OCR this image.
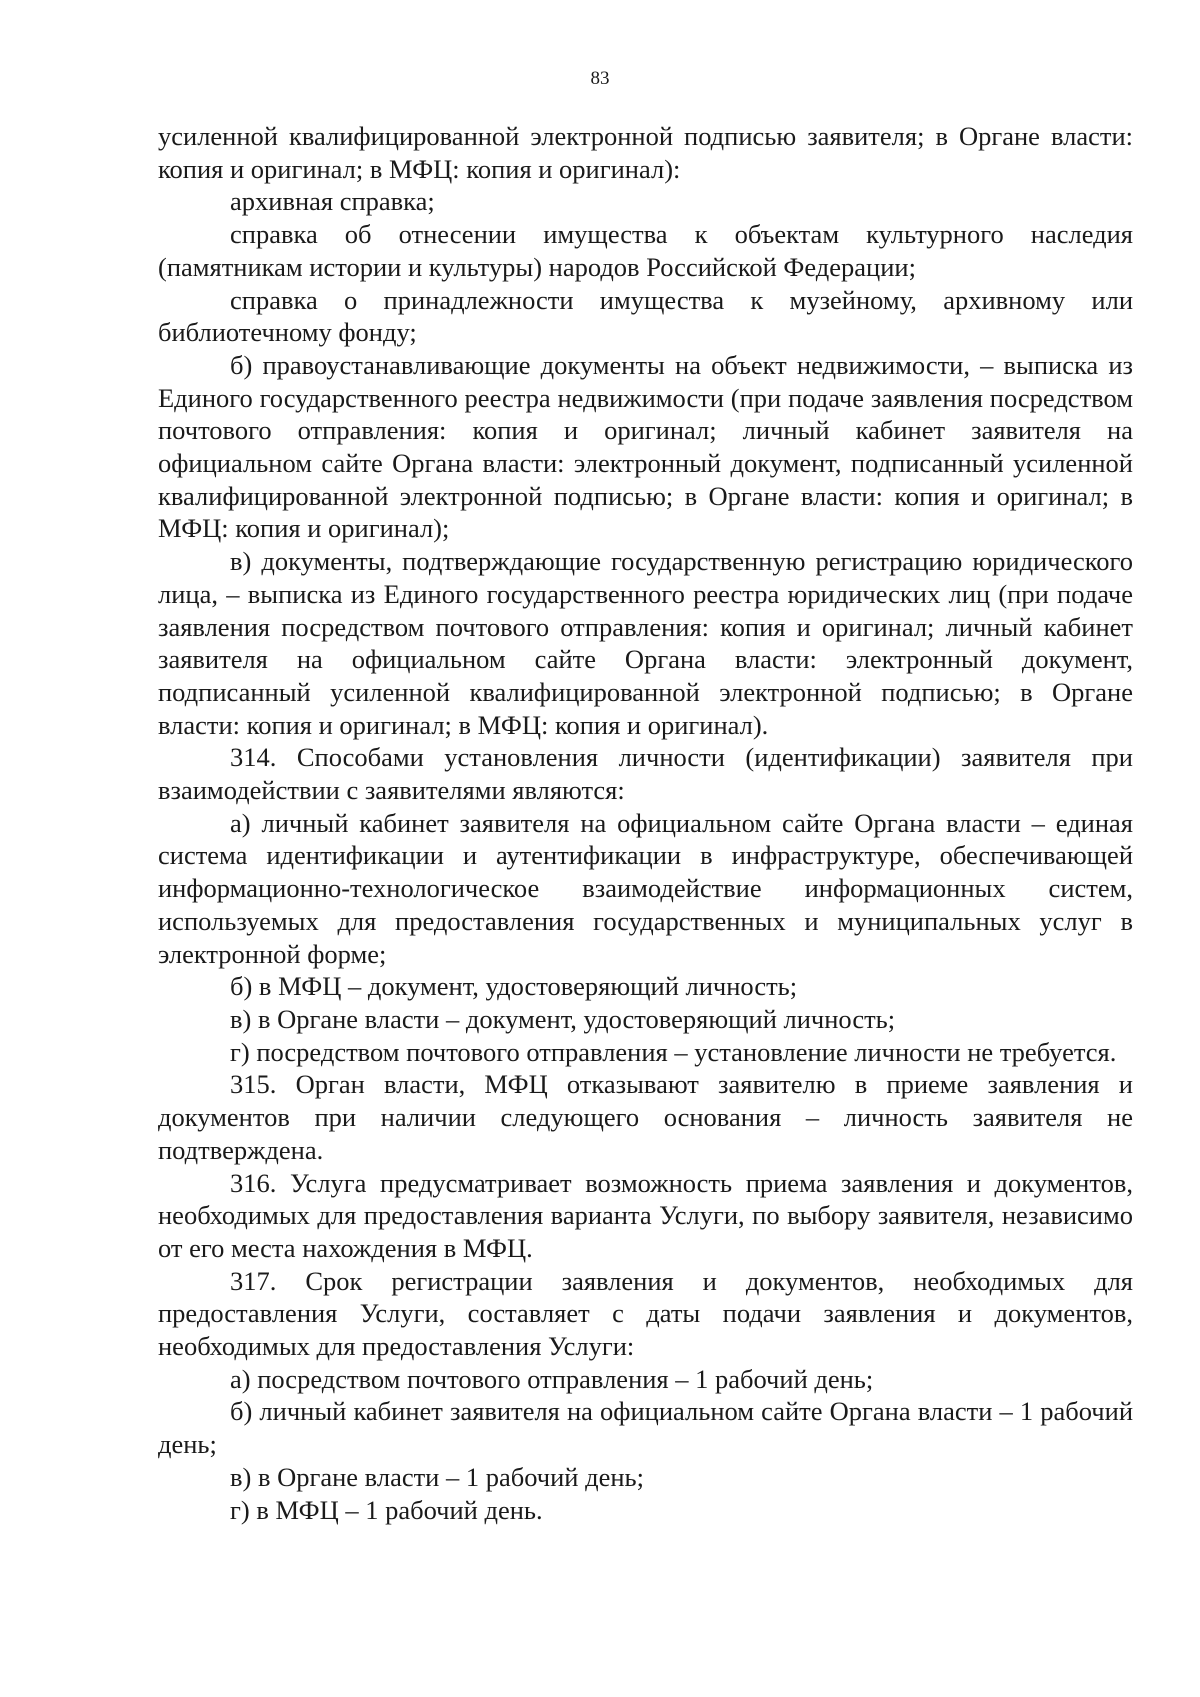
83

усиленной квалифицированной электронной подписью заявителя; в Органе власти: копия и оригинал; в МФЦ: копия и оригинал):

архивная справка;

справка об отнесении имущества к объектам культурного наследия (памятникам истории и культуры) народов Российской Федерации;

справка о принадлежности имущества к музейному, архивному или библиотечному фонду;

б) правоустанавливающие документы на объект недвижимости, – выписка из Единого государственного реестра недвижимости (при подаче заявления посредством почтового отправления: копия и оригинал; личный кабинет заявителя на официальном сайте Органа власти: электронный документ, подписанный усиленной квалифицированной электронной подписью; в Органе власти: копия и оригинал; в МФЦ: копия и оригинал);

в) документы, подтверждающие государственную регистрацию юридического лица, – выписка из Единого государственного реестра юридических лиц (при подаче заявления посредством почтового отправления: копия и оригинал; личный кабинет заявителя на официальном сайте Органа власти: электронный документ, подписанный усиленной квалифицированной электронной подписью; в Органе власти: копия и оригинал; в МФЦ: копия и оригинал).

314. Способами установления личности (идентификации) заявителя при взаимодействии с заявителями являются:

а) личный кабинет заявителя на официальном сайте Органа власти – единая система идентификации и аутентификации в инфраструктуре, обеспечивающей информационно-технологическое взаимодействие информационных систем, используемых для предоставления государственных и муниципальных услуг в электронной форме;

б) в МФЦ – документ, удостоверяющий личность;

в) в Органе власти – документ, удостоверяющий личность;

г) посредством почтового отправления – установление личности не требуется.

315. Орган власти, МФЦ отказывают заявителю в приеме заявления и документов при наличии следующего основания – личность заявителя не подтверждена.

316. Услуга предусматривает возможность приема заявления и документов, необходимых для предоставления варианта Услуги, по выбору заявителя, независимо от его места нахождения в МФЦ.

317. Срок регистрации заявления и документов, необходимых для предоставления Услуги, составляет с даты подачи заявления и документов, необходимых для предоставления Услуги:

а) посредством почтового отправления – 1 рабочий день;

б) личный кабинет заявителя на официальном сайте Органа власти – 1 рабочий день;

в) в Органе власти – 1 рабочий день;

г) в МФЦ – 1 рабочий день.
